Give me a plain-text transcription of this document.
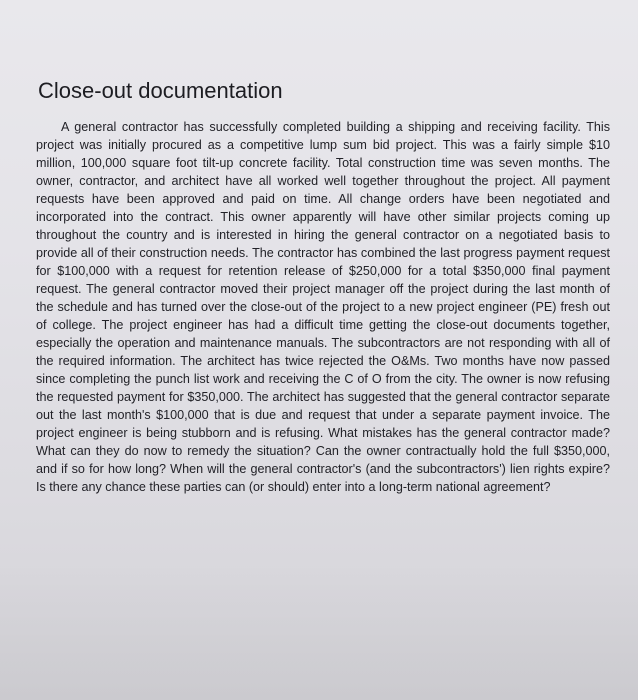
Close-out documentation

A general contractor has successfully completed building a shipping and receiving facility. This project was initially procured as a competitive lump sum bid project. This was a fairly simple $10 million, 100,000 square foot tilt-up concrete facility. Total construction time was seven months. The owner, contractor, and architect have all worked well together throughout the project. All payment requests have been approved and paid on time. All change orders have been negotiated and incorporated into the contract. This owner apparently will have other similar projects coming up throughout the country and is interested in hiring the general contractor on a negotiated basis to provide all of their construction needs. The contractor has combined the last progress payment request for $100,000 with a request for retention release of $250,000 for a total $350,000 final payment request. The general contractor moved their project manager off the project during the last month of the schedule and has turned over the close-out of the project to a new project engineer (PE) fresh out of college. The project engineer has had a difficult time getting the close-out documents together, especially the operation and maintenance manuals. The subcontractors are not responding with all of the required information. The architect has twice rejected the O&Ms. Two months have now passed since completing the punch list work and receiving the C of O from the city. The owner is now refusing the requested payment for $350,000. The architect has suggested that the general contractor separate out the last month's $100,000 that is due and request that under a separate payment invoice. The project engineer is being stubborn and is refusing. What mistakes has the general contractor made? What can they do now to remedy the situation? Can the owner contractually hold the full $350,000, and if so for how long? When will the general contractor's (and the subcontractors') lien rights expire? Is there any chance these parties can (or should) enter into a long-term national agreement?
